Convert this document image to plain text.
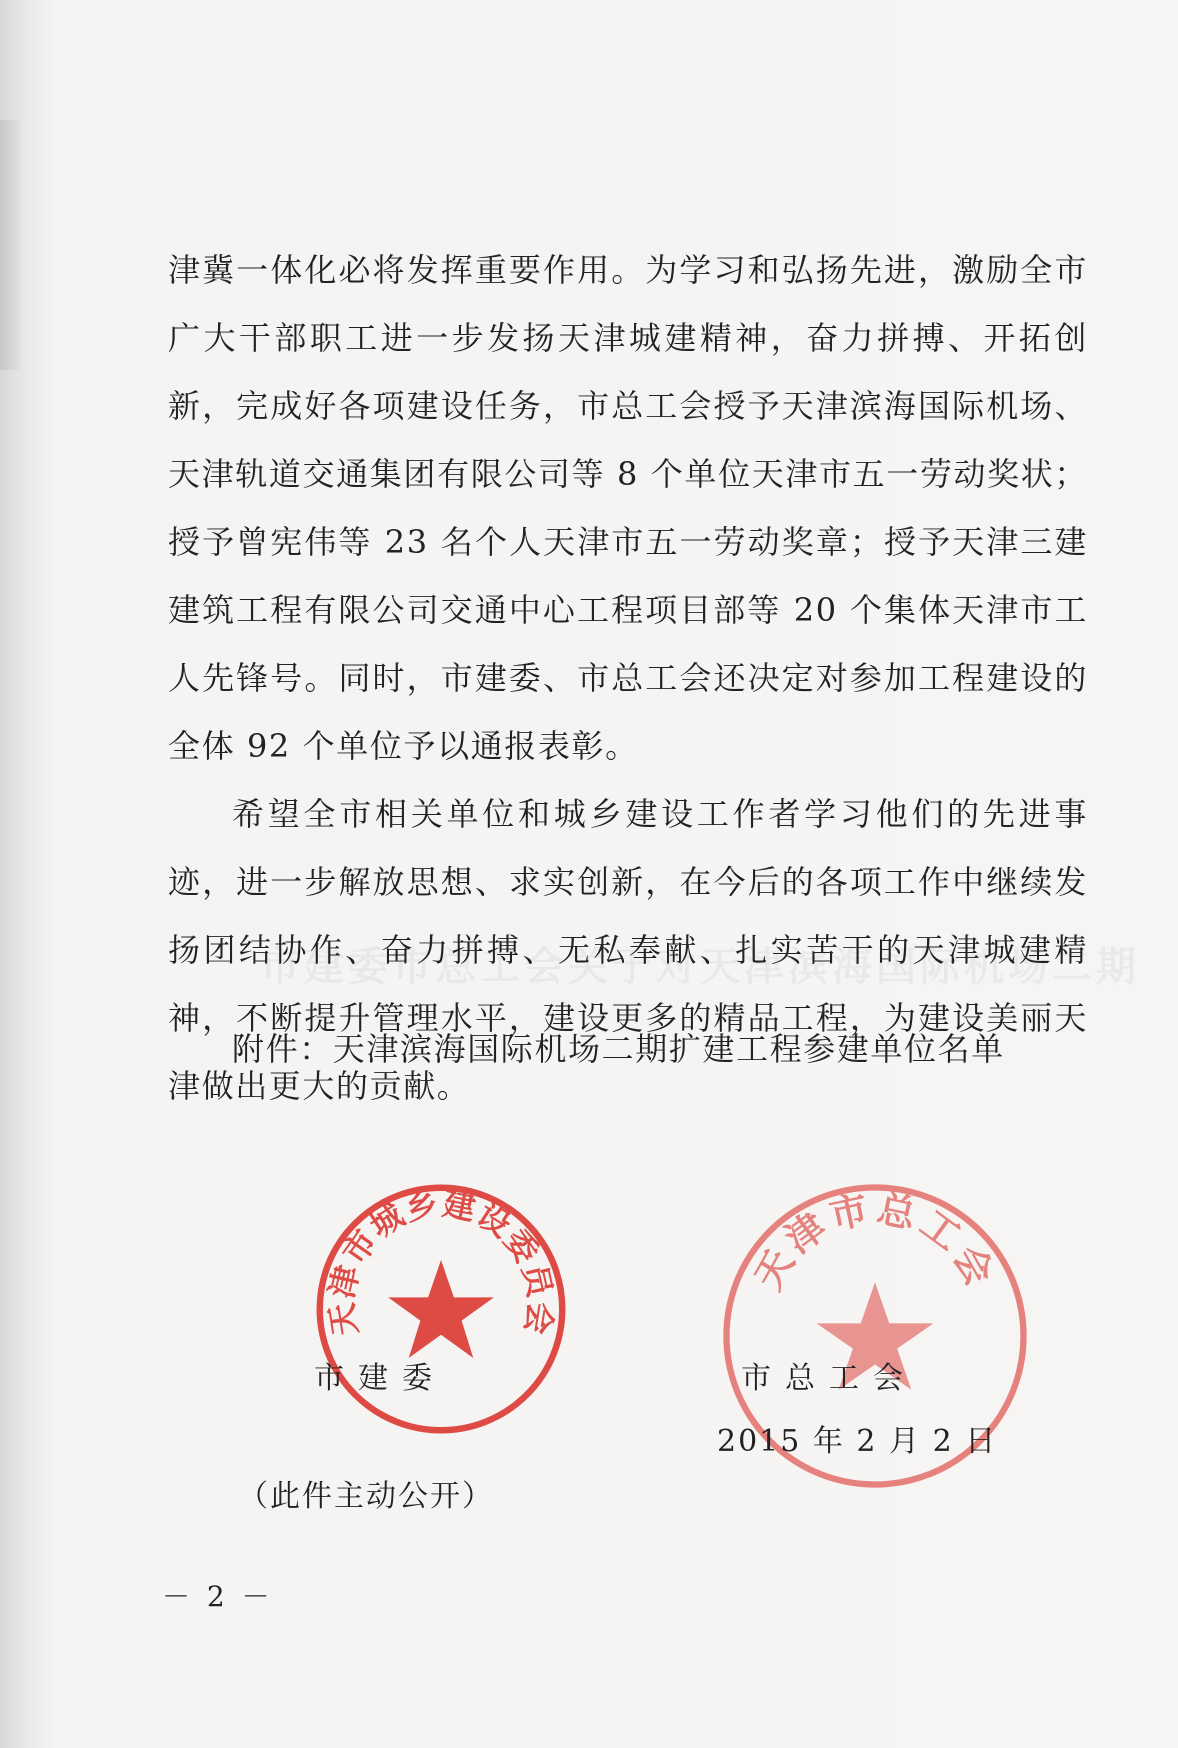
津冀一体化必将发挥重要作用。为学习和弘扬先进，激励全市广大干部职工进一步发扬天津城建精神，奋力拼搏、开拓创新，完成好各项建设任务，市总工会授予天津滨海国际机场、天津轨道交通集团有限公司等 8 个单位天津市五一劳动奖状；授予曾宪伟等 23 名个人天津市五一劳动奖章；授予天津三建建筑工程有限公司交通中心工程项目部等 20 个集体天津市工人先锋号。同时，市建委、市总工会还决定对参加工程建设的全体 92 个单位予以通报表彰。

希望全市相关单位和城乡建设工作者学习他们的先进事迹，进一步解放思想、求实创新，在今后的各项工作中继续发扬团结协作、奋力拼搏、无私奉献、扎实苦干的天津城建精神，不断提升管理水平，建设更多的精品工程，为建设美丽天津做出更大的贡献。

附件：天津滨海国际机场二期扩建工程参建单位名单
天津市城乡建设委员会
天津市总工会
市建委	市总工会
2015 年 2 月 2 日
（此件主动公开）
－ 2 －
